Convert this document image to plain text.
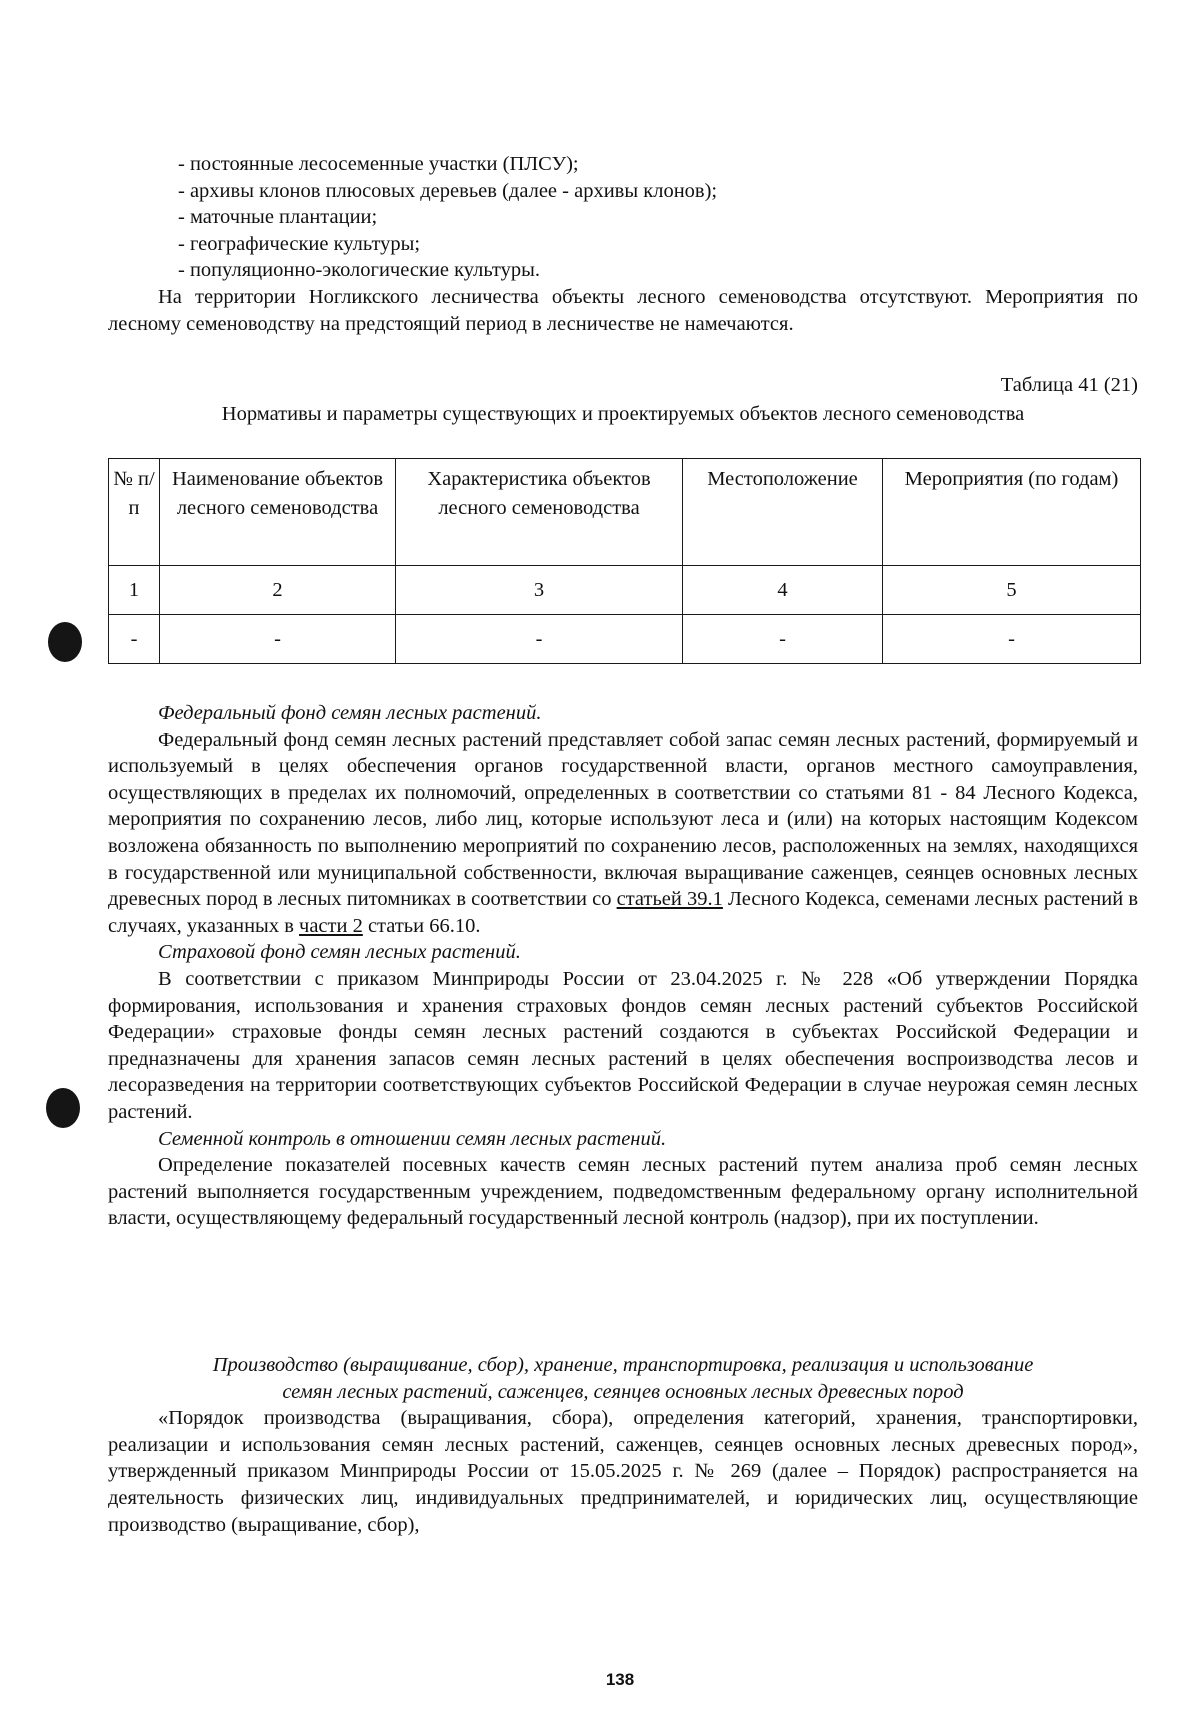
- постоянные лесосеменные участки (ПЛСУ);
- архивы клонов плюсовых деревьев (далее - архивы клонов);
- маточные плантации;
- географические культуры;
- популяционно-экологические культуры.
На территории Ногликского лесничества объекты лесного семеноводства отсутствуют. Мероприятия по лесному семеноводству на предстоящий период в лесничестве не намечаются.
Таблица 41 (21)
Нормативы и параметры существующих и проектируемых объектов лесного семеноводства
№ п/п	Наименование объектов лесного семеноводства	Характеристика объектов лесного семеноводства	Местоположение	Мероприятия (по годам)
1	2	3	4	5
-	-	-	-	-
Федеральный фонд семян лесных растений.
Федеральный фонд семян лесных растений представляет собой запас семян лесных растений, формируемый и используемый в целях обеспечения органов государственной власти, органов местного самоуправления, осуществляющих в пределах их полномочий, определенных в соответствии со статьями 81 - 84 Лесного Кодекса, мероприятия по сохранению лесов, либо лиц, которые используют леса и (или) на которых настоящим Кодексом возложена обязанность по выполнению мероприятий по сохранению лесов, расположенных на землях, находящихся в государственной или муниципальной собственности, включая выращивание саженцев, сеянцев основных лесных древесных пород в лесных питомниках в соответствии со статьей 39.1 Лесного Кодекса, семенами лесных растений в случаях, указанных в части 2 статьи 66.10.
Страховой фонд семян лесных растений.
В соответствии с приказом Минприроды России от 23.04.2025 г. № 228 «Об утверждении Порядка формирования, использования и хранения страховых фондов семян лесных растений субъектов Российской Федерации» страховые фонды семян лесных растений создаются в субъектах Российской Федерации и предназначены для хранения запасов семян лесных растений в целях обеспечения воспроизводства лесов и лесоразведения на территории соответствующих субъектов Российской Федерации в случае неурожая семян лесных растений.
Семенной контроль в отношении семян лесных растений.
Определение показателей посевных качеств семян лесных растений путем анализа проб семян лесных растений выполняется государственным учреждением, подведомственным федеральному органу исполнительной власти, осуществляющему федеральный государственный лесной контроль (надзор), при их поступлении.
Производство (выращивание, сбор), хранение, транспортировка, реализация и использование
семян лесных растений, саженцев, сеянцев основных лесных древесных пород
«Порядок производства (выращивания, сбора), определения категорий, хранения, транспортировки, реализации и использования семян лесных растений, саженцев, сеянцев основных лесных древесных пород», утвержденный приказом Минприроды России от 15.05.2025 г. № 269 (далее – Порядок) распространяется на деятельность физических лиц, индивидуальных предпринимателей, и юридических лиц, осуществляющие производство (выращивание, сбор),
138
